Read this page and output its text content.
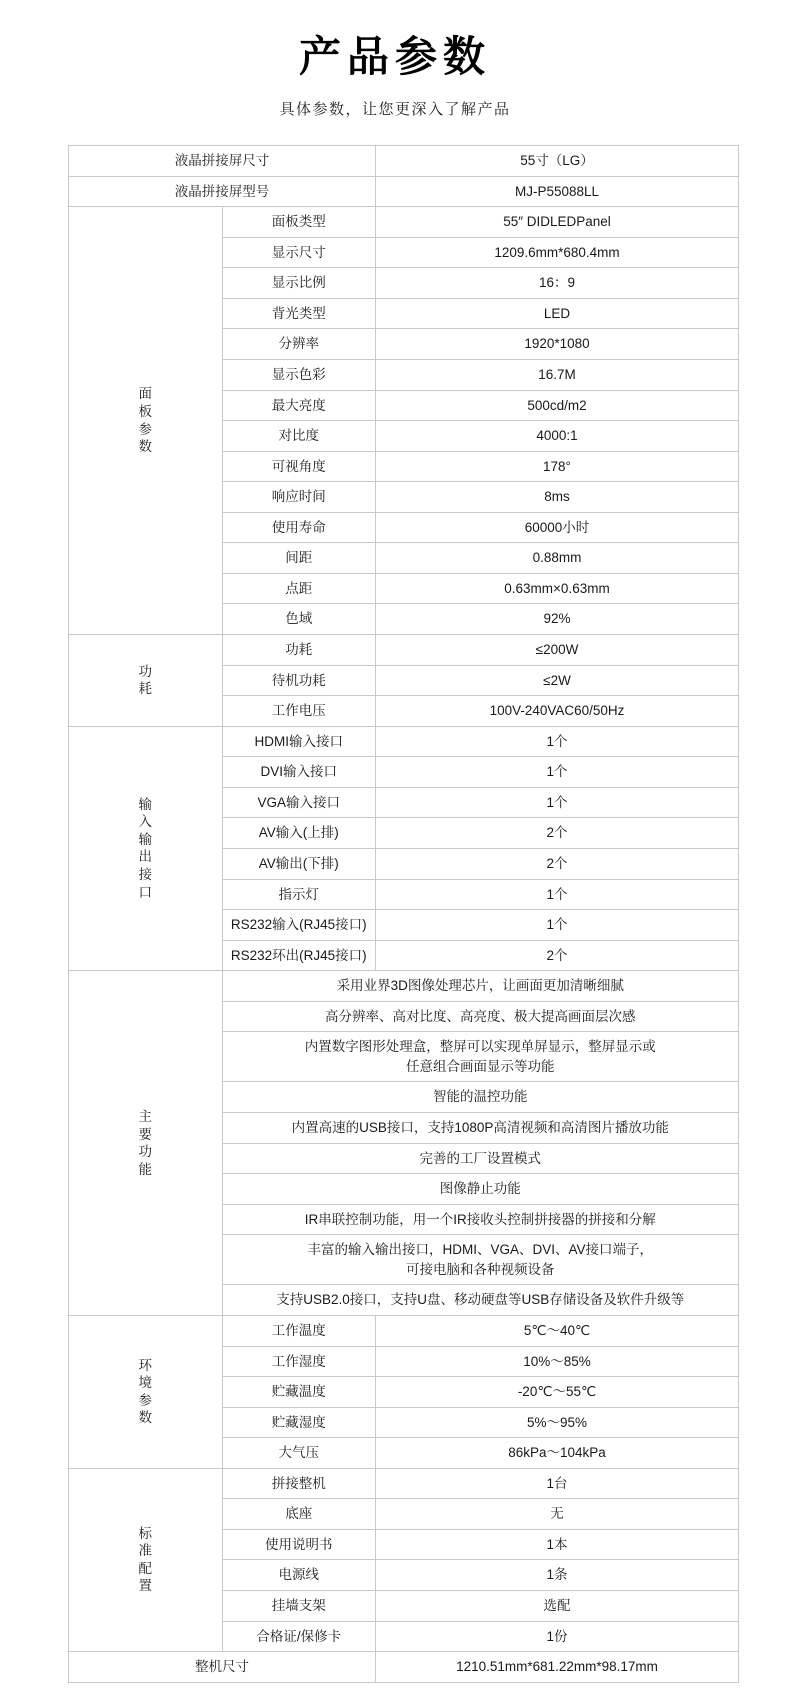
产品参数

具体参数，让您更深入了解产品

液晶拼接屏尺寸		55寸（LG）
液晶拼接屏型号		MJ-P55088LL

面板参数	面板类型	55″ DIDLEDPanel
	显示尺寸	1209.6mm*680.4mm
	显示比例	16：9
	背光类型	LED
	分辨率	1920*1080
	显示色彩	16.7M
	最大亮度	500cd/m2
	对比度	4000:1
	可视角度	178°
	响应时间	8ms
	使用寿命	60000小时
	间距	0.88mm
	点距	0.63mm×0.63mm
	色域	92%

功耗	功耗	≤200W
	待机功耗	≤2W
	工作电压	100V-240VAC60/50Hz

输入输出接口	HDMI输入接口	1个
	DVI输入接口	1个
	VGA输入接口	1个
	AV输入(上排)	2个
	AV输出(下排)	2个
	指示灯	1个
	RS232输入(RJ45接口)	1个
	RS232环出(RJ45接口)	2个

主要功能	采用业界3D图像处理芯片，让画面更加清晰细腻	
	高分辨率、高对比度、高亮度、极大提高画面层次感	
	内置数字图形处理盒，整屏可以实现单屏显示，整屏显示或
任意组合画面显示等功能	
	智能的温控功能	
	内置高速的USB接口，支持1080P高清视频和高清图片播放功能	
	完善的工厂设置模式	
	图像静止功能	
	IR串联控制功能，用一个IR接收头控制拼接器的拼接和分解	
	丰富的输入输出接口，HDMI、VGA、DVI、AV接口端子，
可接电脑和各种视频设备	
	支持USB2.0接口，支持U盘、移动硬盘等USB存储设备及软件升级等	

环境参数	工作温度	5℃～40℃
	工作湿度	10%～85%
	贮藏温度	-20℃～55℃
	贮藏湿度	5%～95%
	大气压	86kPa～104kPa

标准配置	拼接整机	1台
	底座	无
	使用说明书	1本
	电源线	1条
	挂墙支架	选配
	合格证/保修卡	1份
整机尺寸		1210.51mm*681.22mm*98.17mm
